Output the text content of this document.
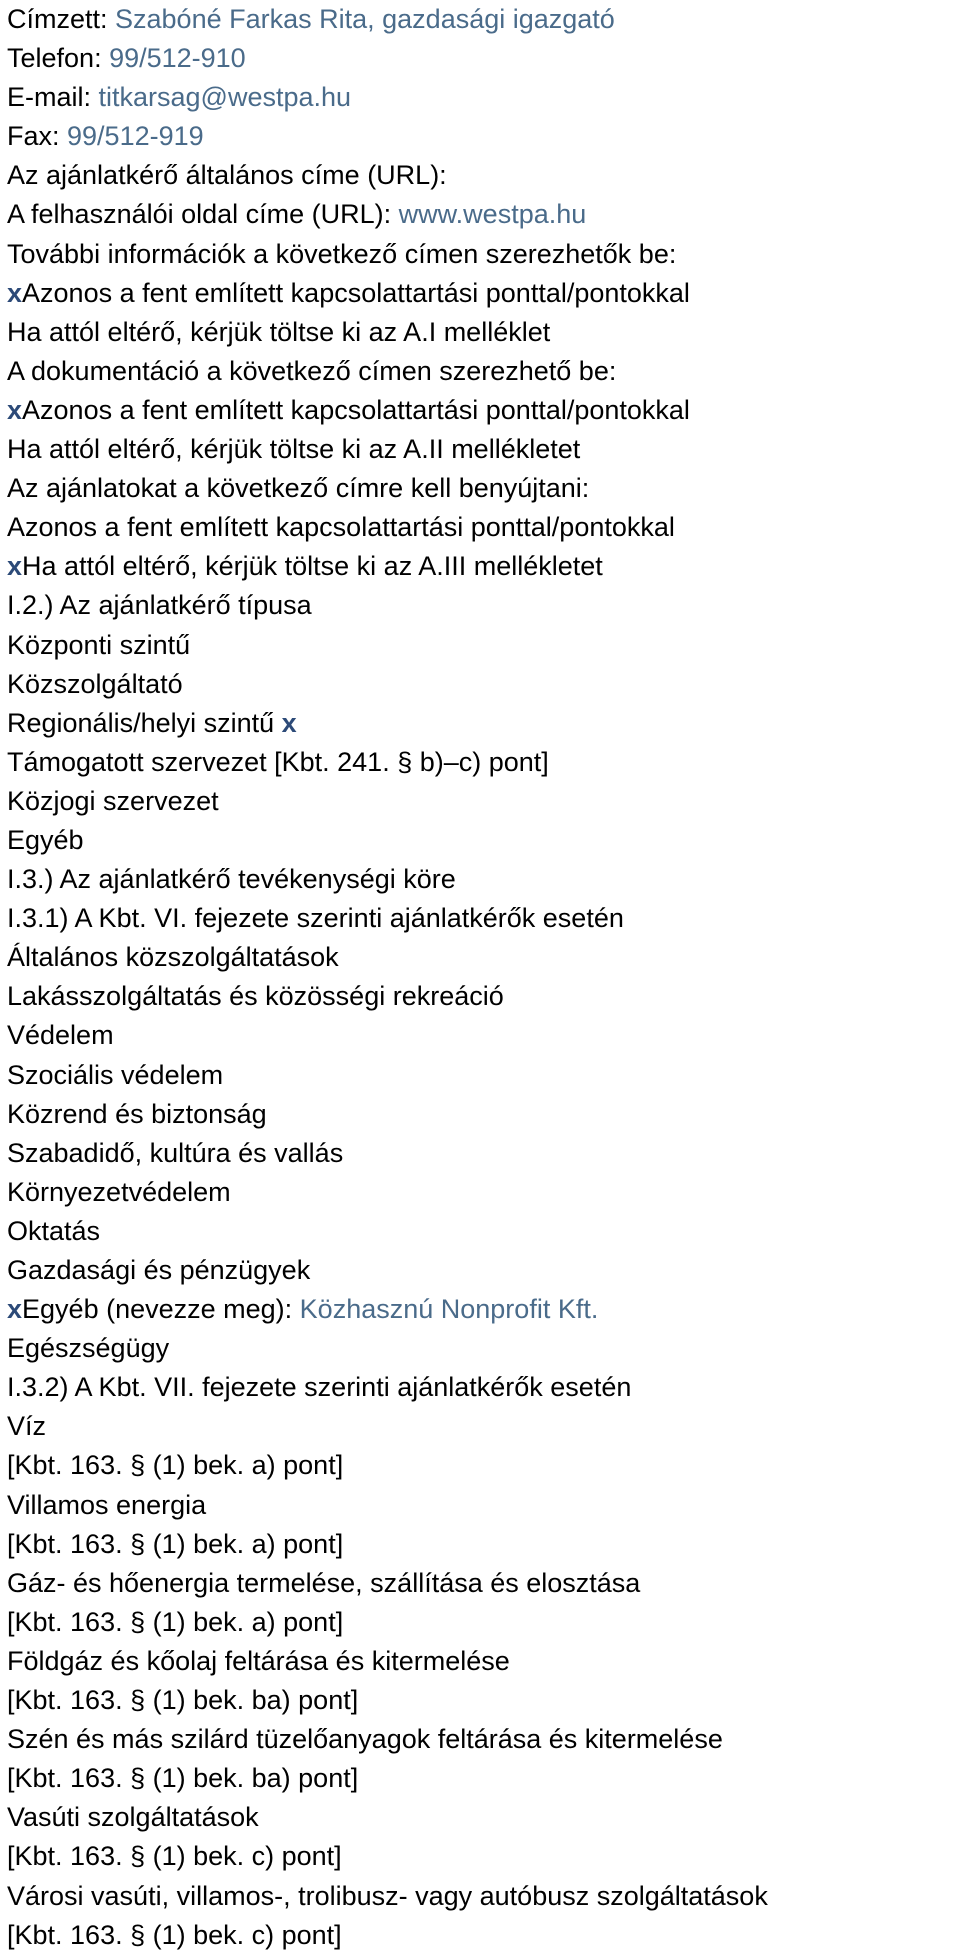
Címzett: Szabóné Farkas Rita, gazdasági igazgató
Telefon: 99/512-910
E-mail: titkarsag@westpa.hu
Fax: 99/512-919
Az ajánlatkérő általános címe (URL):
A felhasználói oldal címe (URL): www.westpa.hu
További információk a következő címen szerezhetők be:
xAzonos a fent említett kapcsolattartási ponttal/pontokkal
Ha attól eltérő, kérjük töltse ki az A.I melléklet
A dokumentáció a következő címen szerezhető be:
xAzonos a fent említett kapcsolattartási ponttal/pontokkal
Ha attól eltérő, kérjük töltse ki az A.II mellékletet
Az ajánlatokat a következő címre kell benyújtani:
Azonos a fent említett kapcsolattartási ponttal/pontokkal
xHa attól eltérő, kérjük töltse ki az A.III mellékletet
I.2.) Az ajánlatkérő típusa
Központi szintű
Közszolgáltató
Regionális/helyi szintű x
Támogatott szervezet [Kbt. 241. § b)–c) pont]
Közjogi szervezet
Egyéb
I.3.) Az ajánlatkérő tevékenységi köre
I.3.1) A Kbt. VI. fejezete szerinti ajánlatkérők esetén
Általános közszolgáltatások
Lakásszolgáltatás és közösségi rekreáció
Védelem
Szociális védelem
Közrend és biztonság
Szabadidő, kultúra és vallás
Környezetvédelem
Oktatás
Gazdasági és pénzügyek
xEgyéb (nevezze meg): Közhasznú Nonprofit Kft.
Egészségügy
I.3.2) A Kbt. VII. fejezete szerinti ajánlatkérők esetén
Víz
[Kbt. 163. § (1) bek. a) pont]
Villamos energia
[Kbt. 163. § (1) bek. a) pont]
Gáz- és hőenergia termelése, szállítása és elosztása
[Kbt. 163. § (1) bek. a) pont]
Földgáz és kőolaj feltárása és kitermelése
[Kbt. 163. § (1) bek. ba) pont]
Szén és más szilárd tüzelőanyagok feltárása és kitermelése
[Kbt. 163. § (1) bek. ba) pont]
Vasúti szolgáltatások
[Kbt. 163. § (1) bek. c) pont]
Városi vasúti, villamos-, trolibusz- vagy autóbusz szolgáltatások
[Kbt. 163. § (1) bek. c) pont]
